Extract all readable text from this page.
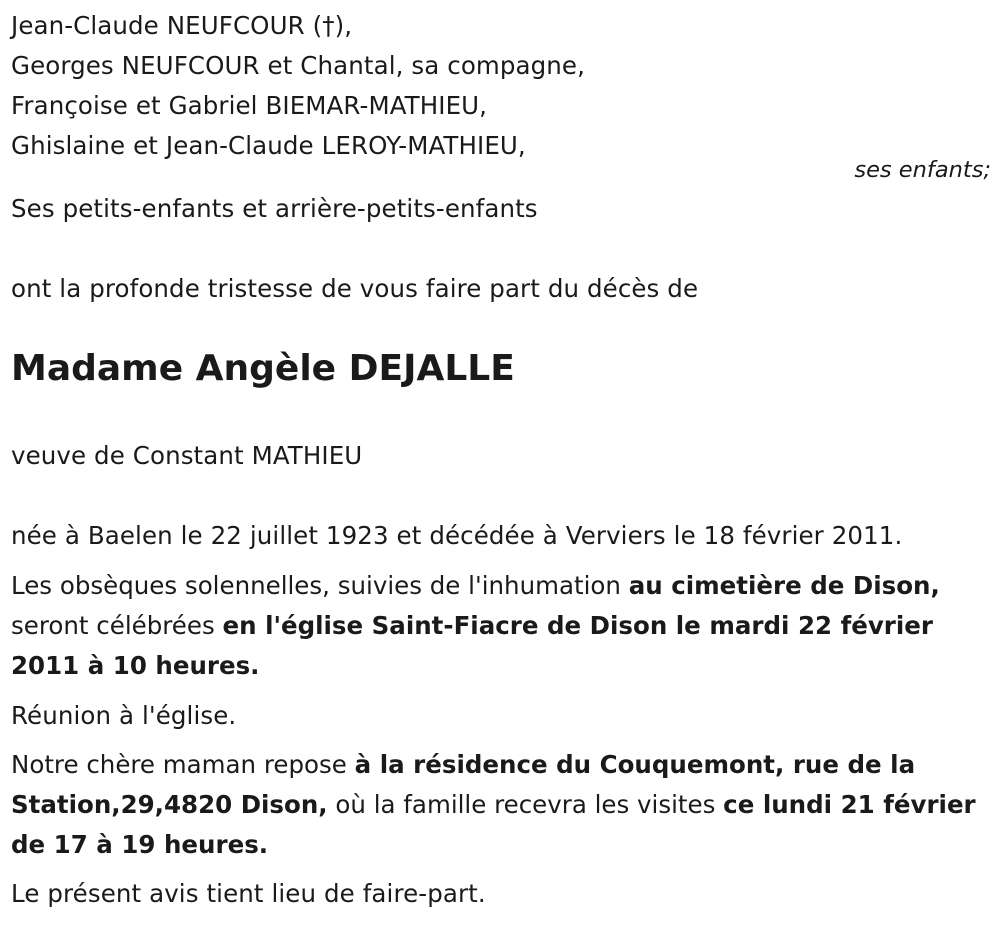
Jean-Claude NEUFCOUR (†),
Georges NEUFCOUR et Chantal, sa compagne,
Françoise et Gabriel BIEMAR-MATHIEU,
Ghislaine et Jean-Claude LEROY-MATHIEU,
ses enfants;
Ses petits-enfants et arrière-petits-enfants
ont la profonde tristesse de vous faire part du décès de
Madame Angèle DEJALLE
veuve de Constant MATHIEU
née à Baelen le 22 juillet 1923 et décédée à Verviers le 18 février 2011.
Les obsèques solennelles, suivies de l'inhumation au cimetière de Dison, seront célébrées en l'église Saint-Fiacre de Dison le mardi 22 février 2011 à 10 heures.
Réunion à l'église.
Notre chère maman repose à la résidence du Couquemont, rue de la Station,29,4820 Dison, où la famille recevra les visites ce lundi 21 février de 17 à 19 heures.
Le présent avis tient lieu de faire-part.
